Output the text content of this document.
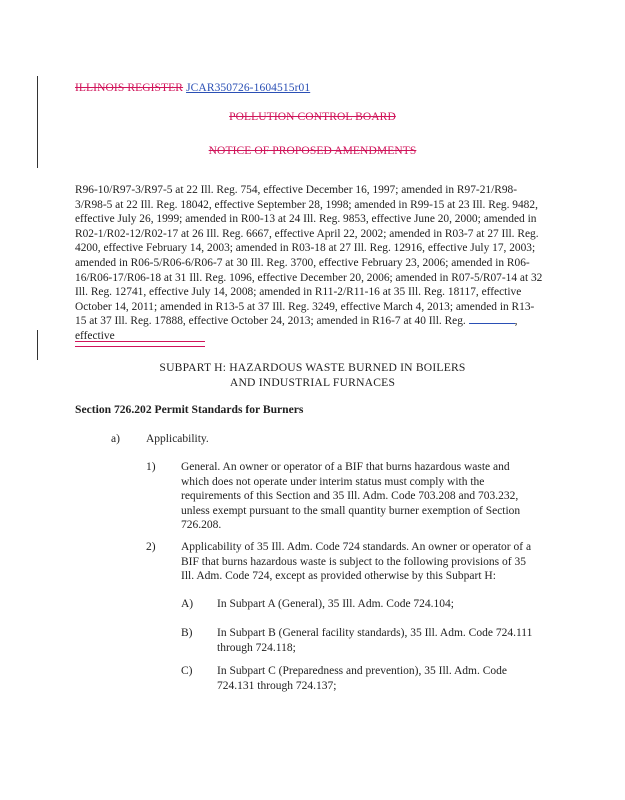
ILLINOIS REGISTER JCAR350726-1604515r01
POLLUTION CONTROL BOARD
NOTICE OF PROPOSED AMENDMENTS

R96-10/R97-3/R97-5 at 22 Ill. Reg. 754, effective December 16, 1997; amended in R97-21/R98-3/R98-5 at 22 Ill. Reg. 18042, effective September 28, 1998; amended in R99-15 at 23 Ill. Reg. 9482, effective July 26, 1999; amended in R00-13 at 24 Ill. Reg. 9853, effective June 20, 2000; amended in R02-1/R02-12/R02-17 at 26 Ill. Reg. 6667, effective April 22, 2002; amended in R03-7 at 27 Ill. Reg. 4200, effective February 14, 2003; amended in R03-18 at 27 Ill. Reg. 12916, effective July 17, 2003; amended in R06-5/R06-6/R06-7 at 30 Ill. Reg. 3700, effective February 23, 2006; amended in R06-16/R06-17/R06-18 at 31 Ill. Reg. 1096, effective December 20, 2006; amended in R07-5/R07-14 at 32 Ill. Reg. 12741, effective July 14, 2008; amended in R11-2/R11-16 at 35 Ill. Reg. 18117, effective October 14, 2011; amended in R13-5 at 37 Ill. Reg. 3249, effective March 4, 2013; amended in R13-15 at 37 Ill. Reg. 17888, effective October 24, 2013; amended in R16-7 at 40 Ill. Reg.	, effective

SUBPART H: HAZARDOUS WASTE BURNED IN BOILERS
AND INDUSTRIAL FURNACES
Section 726.202 Permit Standards for Burners
a) Applicability.
1) General. An owner or operator of a BIF that burns hazardous waste and which does not operate under interim status must comply with the requirements of this Section and 35 Ill. Adm. Code 703.208 and 703.232, unless exempt pursuant to the small quantity burner exemption of Section 726.208.

2) Applicability of 35 Ill. Adm. Code 724 standards. An owner or operator of a BIF that burns hazardous waste is subject to the following provisions of 35 Ill. Adm. Code 724, except as provided otherwise by this Subpart H:

A) In Subpart A (General), 35 Ill. Adm. Code 724.104;

B) In Subpart B (General facility standards), 35 Ill. Adm. Code 724.111 through 724.118;

C) In Subpart C (Preparedness and prevention), 35 Ill. Adm. Code 724.131 through 724.137;
